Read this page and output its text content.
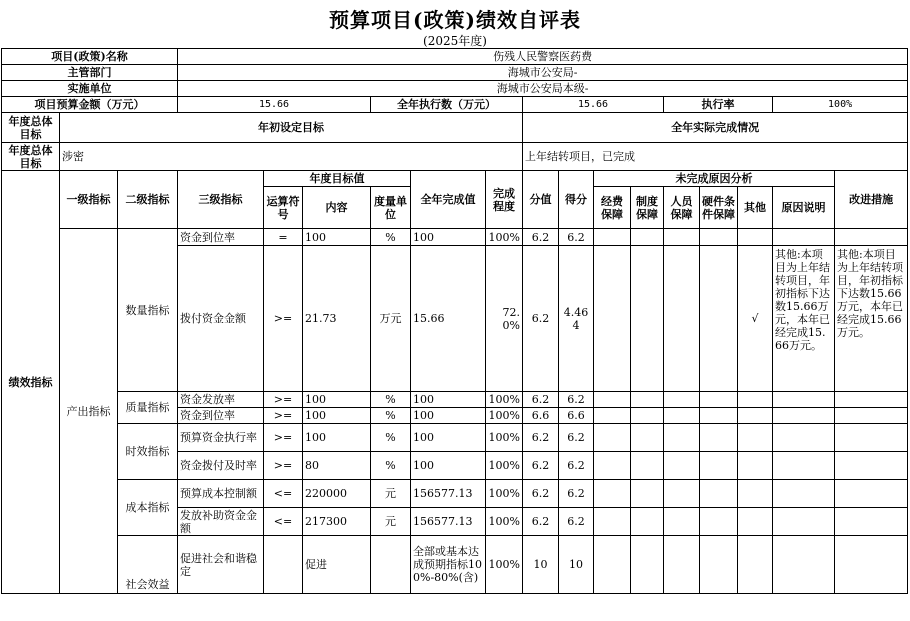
预算项目(政策)绩效自评表
(2025年度)
项目(政策)名称			伤残人民警察医药费														
主管部门			海城市公安局-														
实施单位			海城市公安局本级-														
项目预算金额（万元）			15.66			全年执行数（万元）			15.66				执行率			100%	
年度总体目标	年初设定目标								全年实际完成情况								
年度总体目标	涉密								上年结转项目，已完成								
绩效指标	一级指标	二级指标	三级指标	年度目标值			全年完成值	完成程度	分值	得分	未完成原因分析						改进措施
				运算符号	内容	度量单位					经费保障	制度保障	人员保障	硬件条件保障	其他	原因说明	
	产出指标	数量指标	资金到位率	=	100	%	100	100%	6.2	6.2							
			拨付资金金额	>=	21.73	万元	15.66	72.0%	6.2	4.464					√	其他:本项目为上年结转项目，年初指标下达数15.66万元，本年已经完成15.66万元。	其他:本项目为上年结转项目，年初指标下达数15.66万元，本年已经完成15.66万元。
		质量指标	资金发放率	>=	100	%	100	100%	6.2	6.2							
			资金到位率	>=	100	%	100	100%	6.6	6.6							
		时效指标	预算资金执行率	>=	100	%	100	100%	6.2	6.2							
			资金拨付及时率	>=	80	%	100	100%	6.2	6.2							
		成本指标	预算成本控制额	<=	220000	元	156577.13	100%	6.2	6.2							
			发放补助资金金额	<=	217300	元	156577.13	100%	6.2	6.2							
		社会效益	促进社会和谐稳定		促进		全部或基本达成预期指标100%-80%(含)	100%	10	10							
